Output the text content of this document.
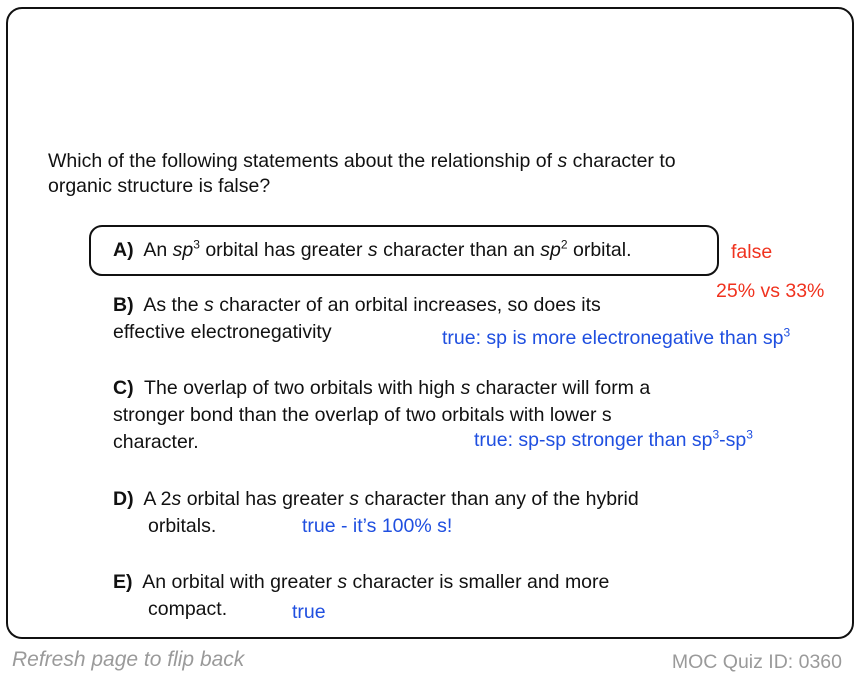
Which of the following statements about the relationship of s character to
organic structure is false?
A)  An $sp^3$ orbital has greater s character than an $sp^2$ orbital.	false
25% vs 33%
B)  As the s character of an orbital increases, so does its
effective electronegativity	true: sp is more electronegative than $sp^3$
C)  The overlap of two orbitals with high s character will form a
stronger bond than the overlap of two orbitals with lower s
character.	true: sp-sp stronger than $sp^3-sp^3$
D)  A 2s orbital has greater s character than any of the hybrid
orbitals.	true - it’s 100% s!
E)  An orbital with greater s character is smaller and more
compact.	true
Refresh page to flip back	MOC Quiz ID: 0360
